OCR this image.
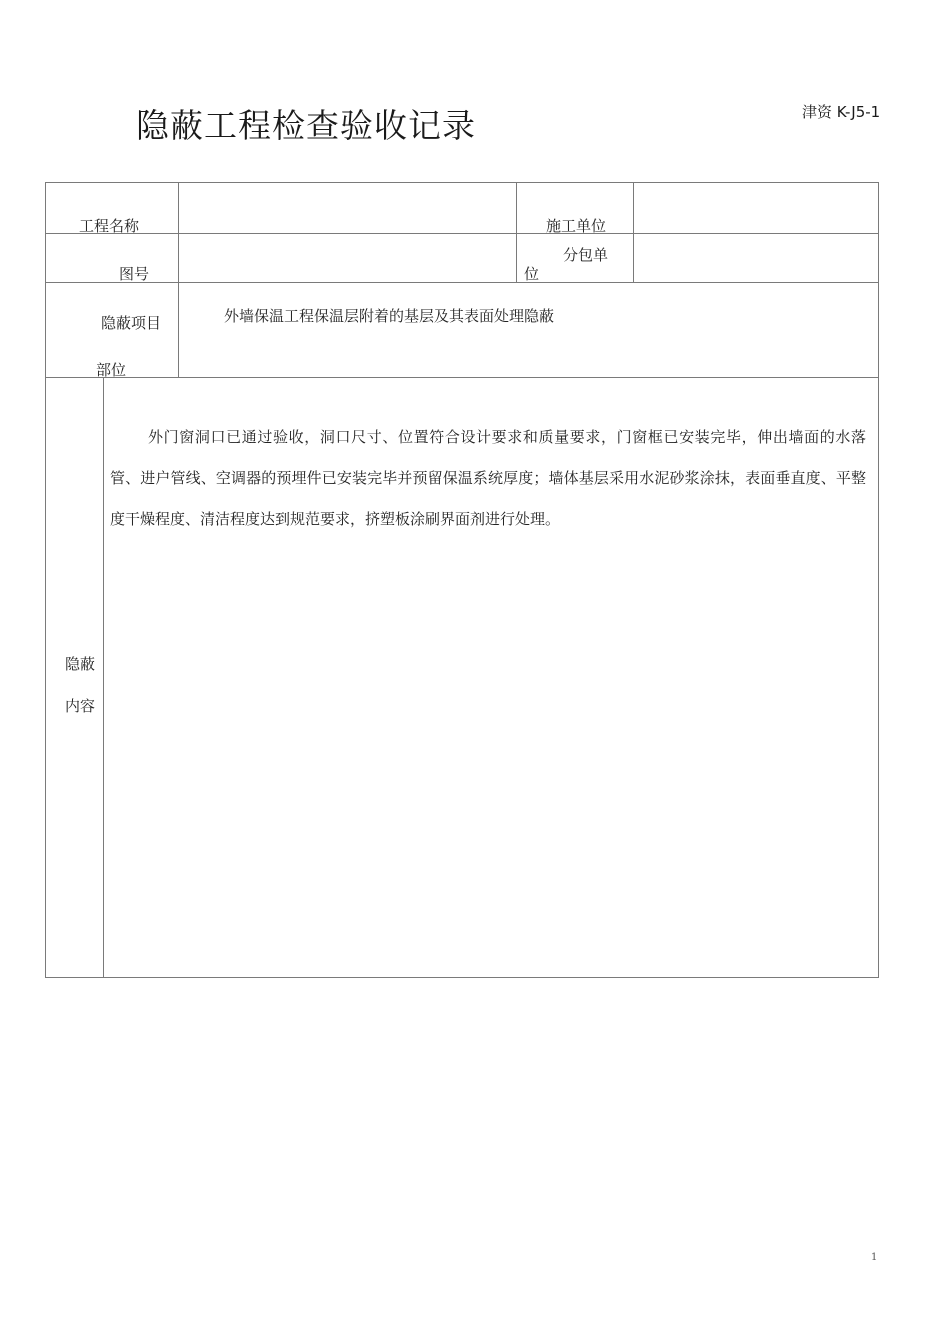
隐蔽工程检查验收记录	津资 K-J5-1
工程名称	施工单位
图号
分包单
位
隐蔽项目
部位
外墙保温工程保温层附着的基层及其表面处理隐蔽
隐蔽
内容
外门窗洞口已通过验收，洞口尺寸、位置符合设计要求和质量要求，门窗框已安装完毕，伸出墙面的水落管、进户管线、空调器的预埋件已安装完毕并预留保温系统厚度；墙体基层采用水泥砂浆涂抹，表面垂直度、平整度干燥程度、清洁程度达到规范要求，挤塑板涂刷界面剂进行处理。
1
